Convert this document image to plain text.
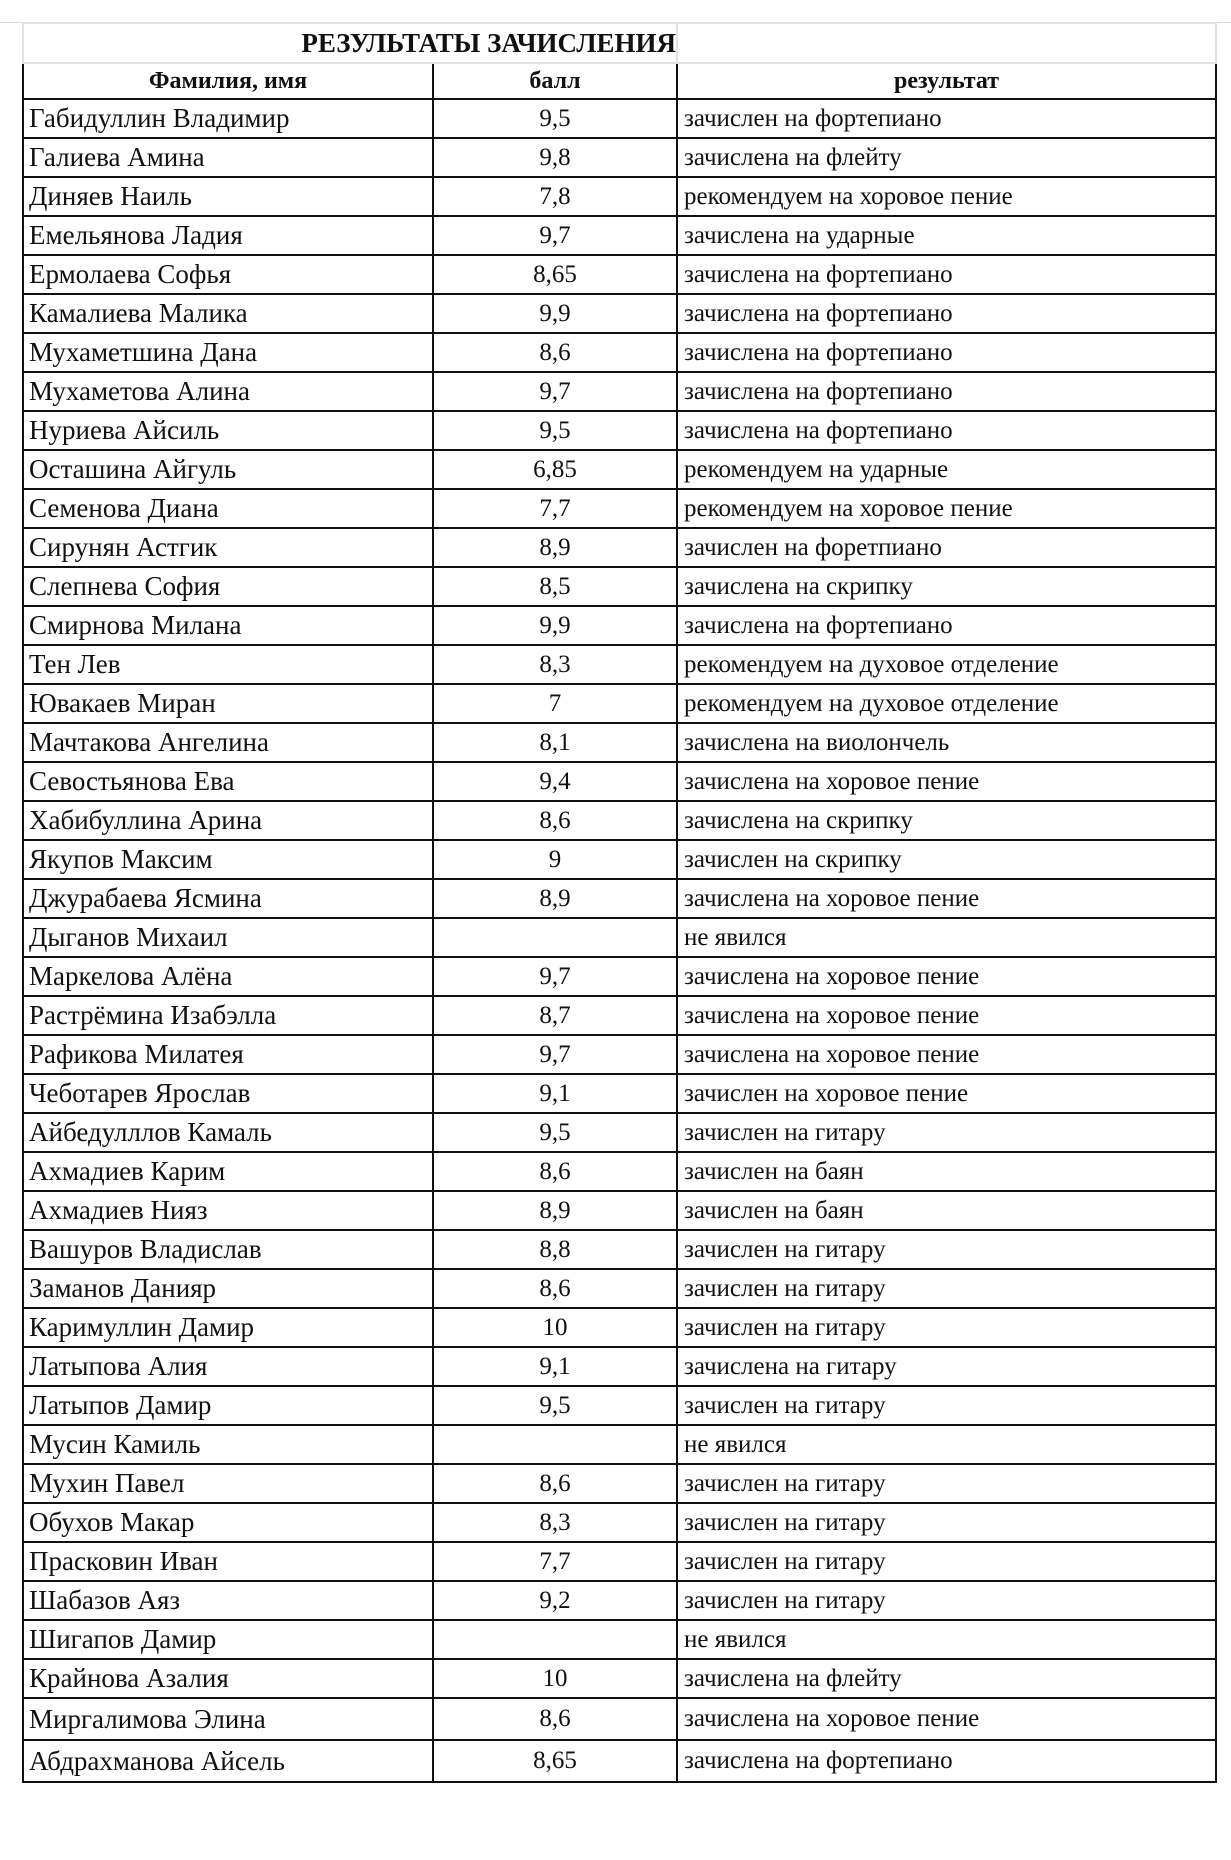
РЕЗУЛЬТАТЫ ЗАЧИСЛЕНИЯ		
Фамилия, имя	балл	результат
Габидуллин Владимир	9,5	зачислен на фортепиано
Галиева Амина	9,8	зачислена на флейту
Диняев Наиль	7,8	рекомендуем на хоровое пение
Емельянова Ладия	9,7	зачислена на ударные
Ермолаева Софья	8,65	зачислена на фортепиано
Камалиева Малика	9,9	зачислена на фортепиано
Мухаметшина Дана	8,6	зачислена на фортепиано
Мухаметова Алина	9,7	зачислена на фортепиано
Нуриева Айсиль	9,5	зачислена на фортепиано
Осташина Айгуль	6,85	рекомендуем на ударные
Семенова Диана	7,7	рекомендуем на хоровое пение
Сирунян Астгик	8,9	зачислен на форетпиано
Слепнева София	8,5	зачислена на скрипку
Смирнова Милана	9,9	зачислена на фортепиано
Тен Лев	8,3	рекомендуем на духовое отделение
Ювакаев Миран	7	рекомендуем на духовое отделение
Мачтакова Ангелина	8,1	зачислена на виолончель
Севостьянова Ева	9,4	зачислена на хоровое пение
Хабибуллина Арина	8,6	зачислена на скрипку
Якупов Максим	9	зачислен на скрипку
Джурабаева Ясмина	8,9	зачислена на хоровое пение
Дыганов Михаил		не явился
Маркелова Алёна	9,7	зачислена на хоровое пение
Растрёмина Изабэлла	8,7	зачислена на хоровое пение
Рафикова Милатея	9,7	зачислена на хоровое пение
Чеботарев Ярослав	9,1	зачислен на хоровое пение
Айбедулллов Камаль	9,5	зачислен на гитару
Ахмадиев Карим	8,6	зачислен на баян
Ахмадиев Нияз	8,9	зачислен на баян
Вашуров Владислав	8,8	зачислен на гитару
Заманов Данияр	8,6	зачислен на гитару
Каримуллин Дамир	10	зачислен на гитару
Латыпова Алия	9,1	зачислена на гитару
Латыпов Дамир	9,5	зачислен на гитару
Мусин Камиль		не явился
Мухин Павел	8,6	зачислен на гитару
Обухов Макар	8,3	зачислен на гитару
Прасковин Иван	7,7	зачислен на гитару
Шабазов Аяз	9,2	зачислен на гитару
Шигапов Дамир		не явился
Крайнова Азалия	10	зачислена на флейту
Миргалимова Элина	8,6	зачислена на хоровое пение
Абдрахманова Айсель	8,65	зачислена на фортепиано
